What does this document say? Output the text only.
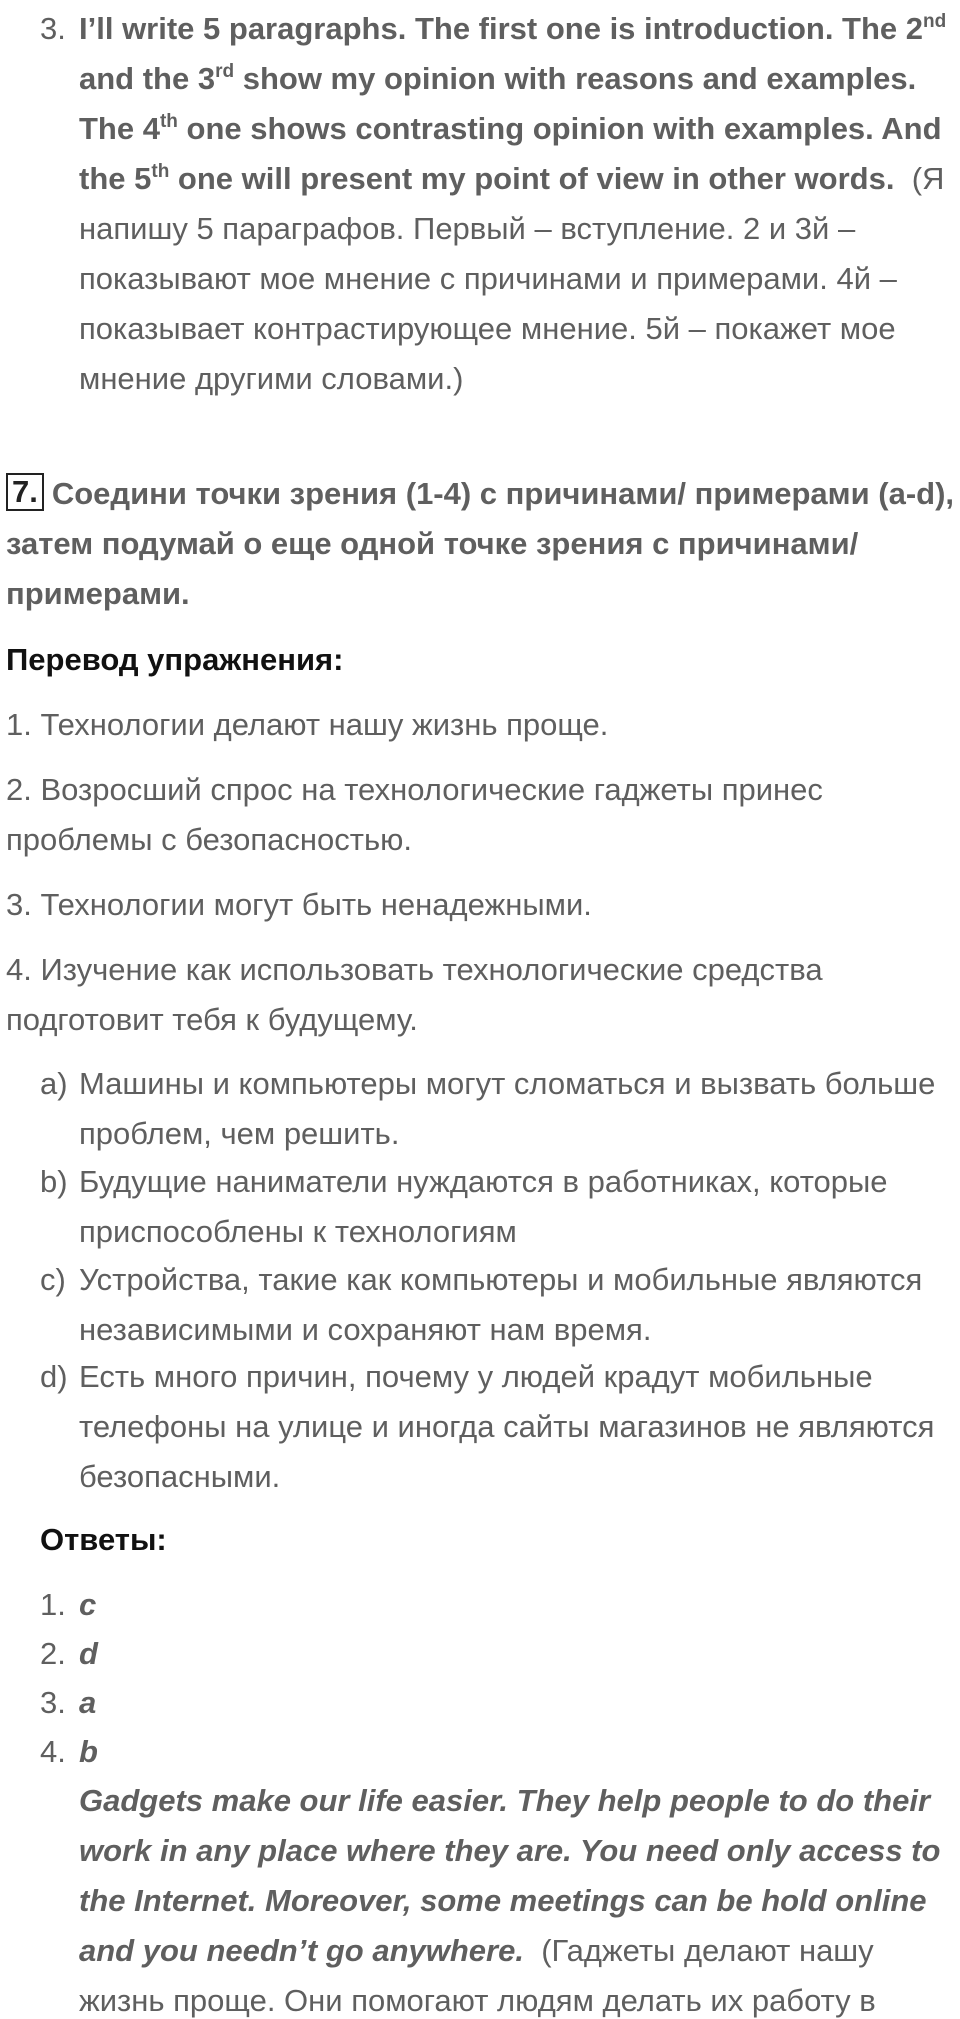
3. I’ll write 5 paragraphs. The first one is introduction. The 2nd and the 3rd show my opinion with reasons and examples. The 4th one shows contrasting opinion with examples. And the 5th one will present my point of view in other words. (Я напишу 5 параграфов. Первый – вступление. 2 и 3й – показывают мое мнение с причинами и примерами. 4й – показывает контрастирующее мнение. 5й – покажет мое мнение другими словами.)
7. Соедини точки зрения (1-4) с причинами/ примерами (a-d), затем подумай о еще одной точке зрения с причинами/примерами.
Перевод упражнения:
1. Технологии делают нашу жизнь проще.
2. Возросший спрос на технологические гаджеты принес проблемы с безопасностью.
3. Технологии могут быть ненадежными.
4. Изучение как использовать технологические средства подготовит тебя к будущему.
a) Машины и компьютеры могут сломаться и вызвать больше проблем, чем решить.
b) Будущие наниматели нуждаются в работниках, которые приспособлены к технологиям
c) Устройства, такие как компьютеры и мобильные являются независимыми и сохраняют нам время.
d) Есть много причин, почему у людей крадут мобильные телефоны на улице и иногда сайты магазинов не являются безопасными.
Ответы:
1. c
2. d
3. a
4. b
Gadgets make our life easier. They help people to do their work in any place where they are. You need only access to the Internet. Moreover, some meetings can be hold online and you needn’t go anywhere. (Гаджеты делают нашу жизнь проще. Они помогают людям делать их работу в
